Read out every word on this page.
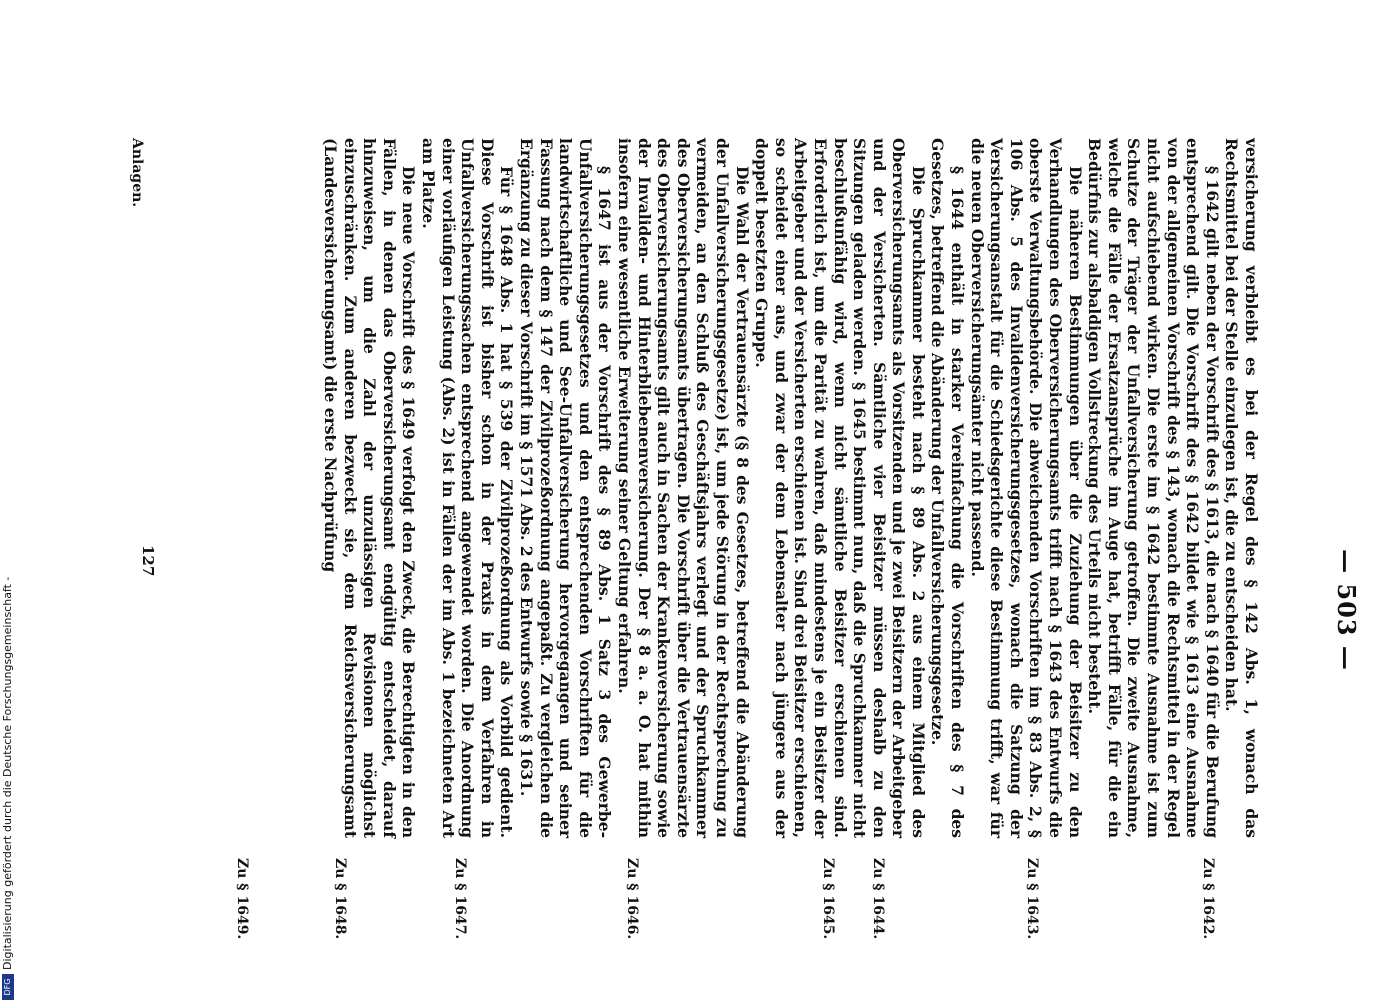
— 503 —

versicherung verbleibt es bei der Regel des § 142 Abs. 1, wonach das Rechtsmittel bei der Stelle einzulegen ist, die zu entscheiden hat.

§ 1642 gilt neben der Vorschrift des § 1613, die nach § 1640 für die Berufung entsprechend gilt. Die Vorschrift des § 1642 bildet wie § 1613 eine Ausnahme von der allgemeinen Vorschrift des § 143, wonach die Rechtsmittel in der Regel nicht aufschiebend wirken. Die erste im § 1642 bestimmte Ausnahme ist zum Schutze der Träger der Unfallversicherung getroffen. Die zweite Ausnahme, welche die Fälle der Ersatzansprüche im Auge hat, betrifft Fälle, für die ein Bedürfnis zur alsbaldigen Vollstreckung des Urteils nicht besteht.

Die näheren Bestimmungen über die Zuziehung der Beisitzer zu den Verhandlungen des Oberversicherungsamts trifft nach § 1643 des Entwurfs die oberste Verwaltungsbehörde. Die abweichenden Vorschriften im § 83 Abs. 2, § 106 Abs. 5 des Invalidenversicherungsgesetzes, wonach die Satzung der Versicherungsanstalt für die Schiedsgerichte diese Bestimmung trifft, war für die neuen Oberversicherungsämter nicht passend.

§ 1644 enthält in starker Vereinfachung die Vorschriften des § 7 des Gesetzes, betreffend die Abänderung der Unfallversicherungsgesetze.

Die Spruchkammer besteht nach § 89 Abs. 2 aus einem Mitglied des Oberversicherungsamts als Vorsitzenden und je zwei Beisitzern der Arbeitgeber und der Versicherten. Sämtliche vier Beisitzer müssen deshalb zu den Sitzungen geladen werden. § 1645 bestimmt nun, daß die Spruchkammer nicht beschlußunfähig wird, wenn nicht sämtliche Beisitzer erschienen sind. Erforderlich ist, um die Parität zu wahren, daß mindestens je ein Beisitzer der Arbeitgeber und der Versicherten erschienen ist. Sind drei Beisitzer erschienen, so scheidet einer aus, und zwar der dem Lebensalter nach jüngere aus der doppelt besetzten Gruppe.

Die Wahl der Vertrauensärzte (§ 8 des Gesetzes, betreffend die Abänderung der Unfallversicherungsgesetze) ist, um jede Störung in der Rechtsprechung zu vermeiden, an den Schluß des Geschäftsjahrs verlegt und der Spruchkammer des Oberversicherungsamts übertragen. Die Vorschrift über die Vertrauensärzte des Oberversicherungsamts gilt auch in Sachen der Krankenversicherung sowie der Invaliden- und Hinterbliebenenversicherung. Der § 8 a. a. O. hat mithin insofern eine wesentliche Erweiterung seiner Geltung erfahren.

§ 1647 ist aus der Vorschrift des § 89 Abs. 1 Satz 3 des Gewerbe-Unfallversicherungsgesetzes und den entsprechenden Vorschriften für die landwirtschaftliche und See-Unfallversicherung hervorgegangen und seiner Fassung nach dem § 147 der Zivilprozeßordnung angepaßt. Zu vergleichen die Ergänzung zu dieser Vorschrift im § 1571 Abs. 2 des Entwurfs sowie § 1631.

Für § 1648 Abs. 1 hat § 539 der Zivilprozeßordnung als Vorbild gedient. Diese Vorschrift ist bisher schon in der Praxis in dem Verfahren in Unfallversicherungssachen entsprechend angewendet worden. Die Anordnung einer vorläufigen Leistung (Abs. 2) ist in Fällen der im Abs. 1 bezeichneten Art am Platze.

Die neue Vorschrift des § 1649 verfolgt den Zweck, die Berechtigten in den Fällen, in denen das Oberversicherungsamt endgültig entscheidet, darauf hinzuweisen, um die Zahl der unzulässigen Revisionen möglichst einzuschränken. Zum anderen bezweckt sie, dem Reichsversicherungsamt (Landesversicherungsamt) die erste Nachprüfung

Zu § 1642.
Zu § 1643.
Zu § 1644.
Zu § 1645.
Zu § 1646.
Zu § 1647.
Zu § 1648.
Zu § 1649.
127
Anlagen.
DFGDigitalisierung gefördert durch die Deutsche Forschungsgemeinschaft -
